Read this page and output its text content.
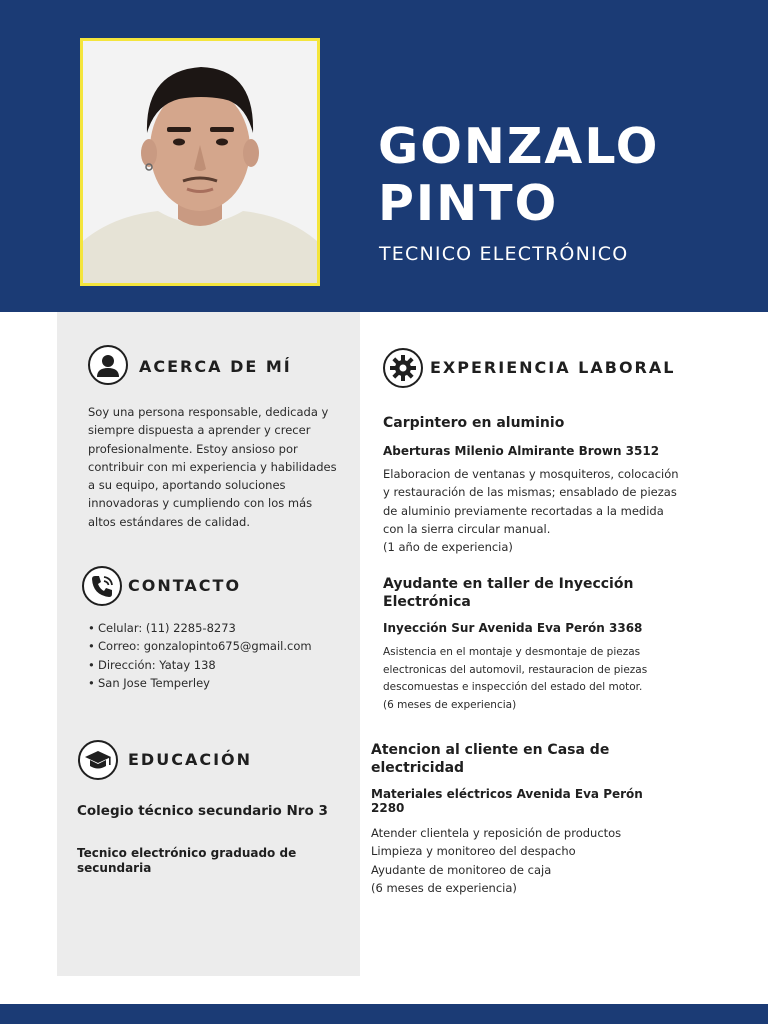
GONZALO
PINTO
TECNICO ELECTRÓNICO
ACERCA DE MÍ
Soy una persona responsable, dedicada y
siempre dispuesta a aprender y crecer
profesionalmente. Estoy ansioso por
contribuir con mi experiencia y habilidades
a su equipo, aportando soluciones
innovadoras y cumpliendo con los más
altos estándares de calidad.
CONTACTO
• Celular: (11) 2285-8273
• Correo: gonzalopinto675@gmail.com
• Dirección: Yatay 138
• San Jose Temperley
EDUCACIÓN
Colegio técnico secundario Nro 3
Tecnico electrónico graduado de secundaria
EXPERIENCIA LABORAL
Carpintero en aluminio
Aberturas Milenio Almirante Brown 3512
Elaboracion de ventanas y mosquiteros, colocación
y restauración de las mismas; ensablado de piezas
de aluminio previamente recortadas a la medida
con la sierra circular manual.
(1 año de experiencia)
Ayudante en taller de Inyección Electrónica
Inyección Sur Avenida Eva Perón 3368
Asistencia en el montaje y desmontaje de piezas
electronicas del automovil, restauracion de piezas
descomuestas e inspección del estado del motor.
(6 meses de experiencia)
Atencion al cliente en Casa de electricidad
Materiales eléctricos Avenida Eva Perón 2280
Atender clientela y reposición de productos
Limpieza y monitoreo del despacho
Ayudante de monitoreo de caja
(6 meses de experiencia)
